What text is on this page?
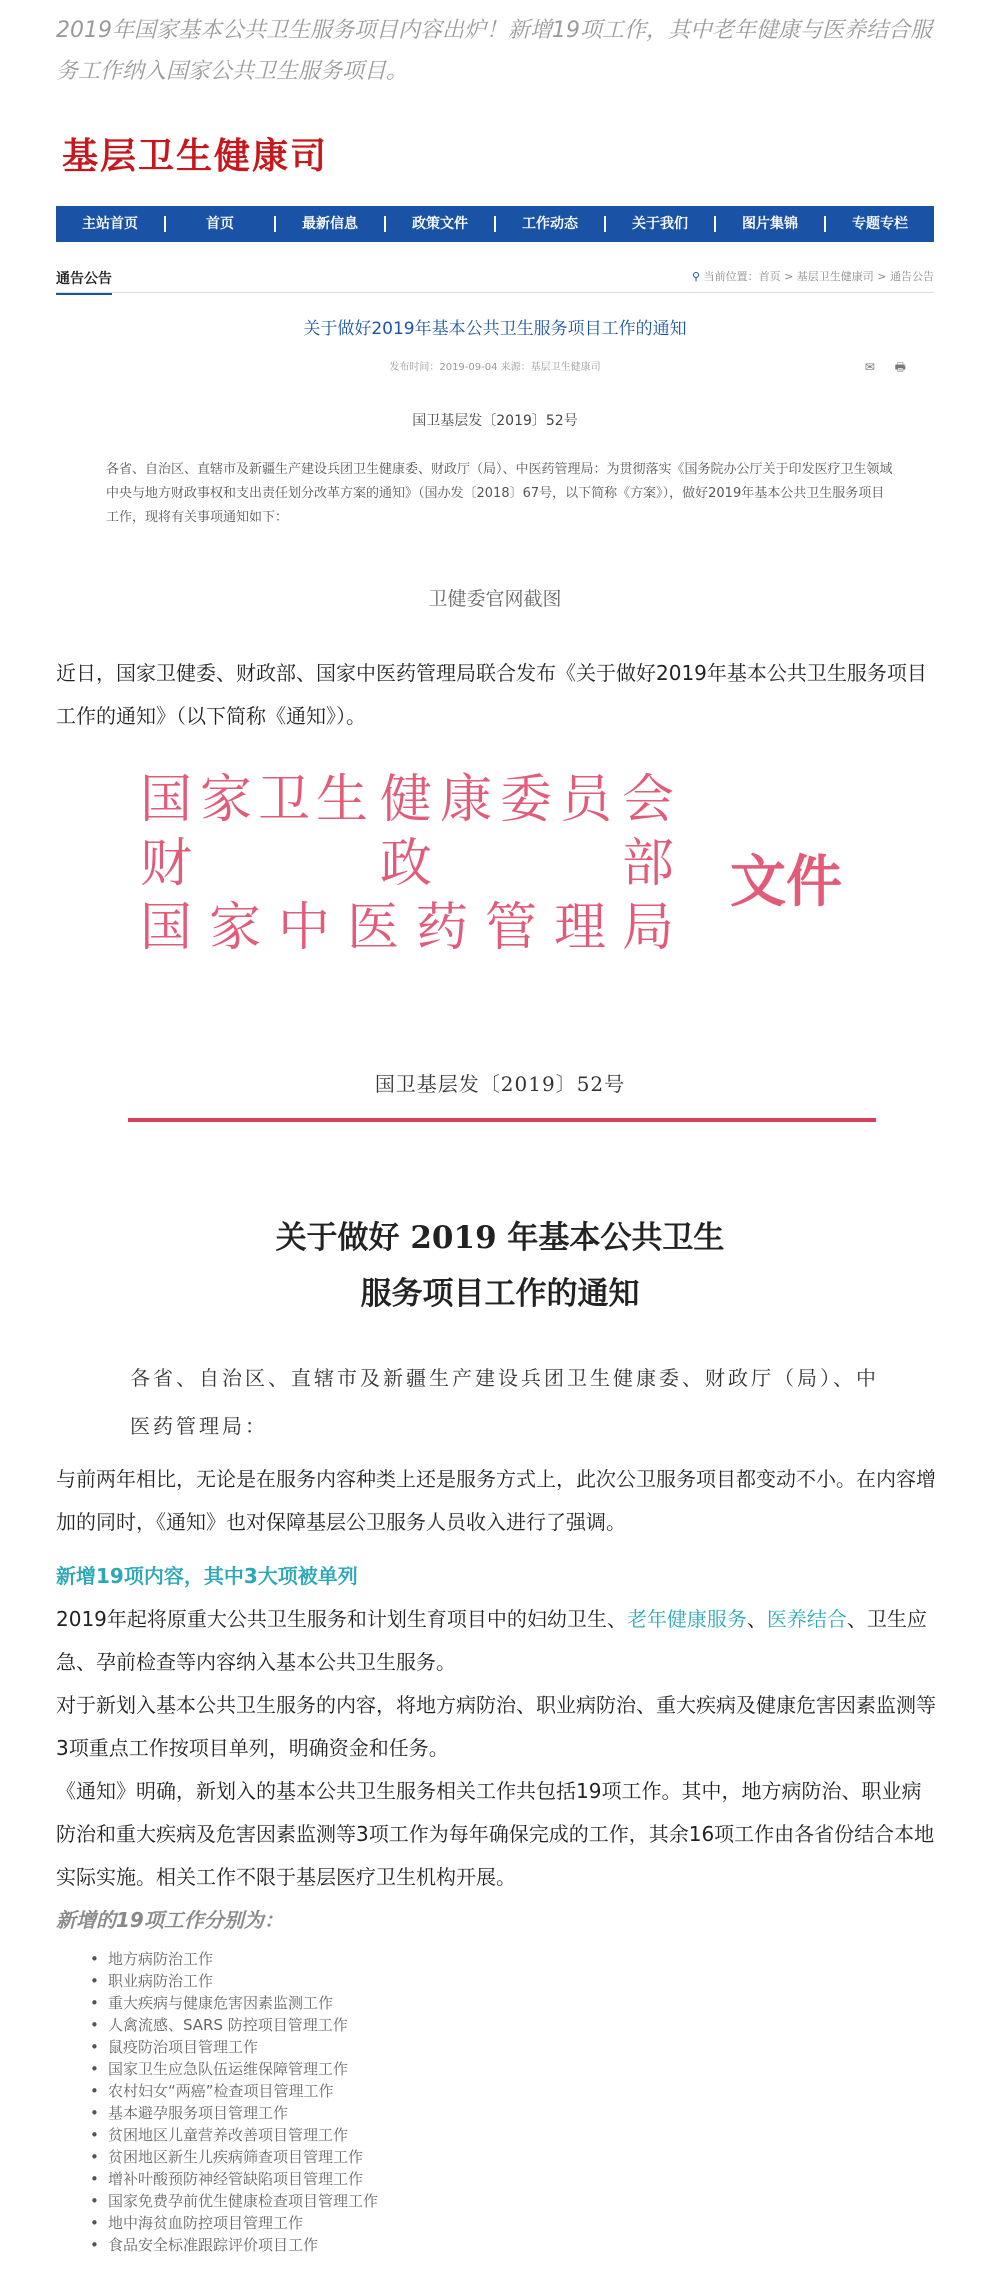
2019年国家基本公共卫生服务项目内容出炉！新增19项工作，其中老年健康与医养结合服务工作纳入国家公共卫生服务项目。
基层卫生健康司
主站首页	首页	最新信息	政策文件	工作动态	关于我们	图片集锦	专题专栏
通告公告	⚲ 当前位置：首页 > 基层卫生健康司 > 通告公告
关于做好2019年基本公共卫生服务项目工作的通知
发布时间：2019-09-04 来源：基层卫生健康司	✉ 🖶
国卫基层发〔2019〕52号
各省、自治区、直辖市及新疆生产建设兵团卫生健康委、财政厅（局）、中医药管理局：为贯彻落实《国务院办公厅关于印发医疗卫生领域中央与地方财政事权和支出责任划分改革方案的通知》（国办发〔2018〕67号，以下简称《方案》），做好2019年基本公共卫生服务项目工作，现将有关事项通知如下：
卫健委官网截图
近日，国家卫健委、财政部、国家中医药管理局联合发布《关于做好2019年基本公共卫生服务项目工作的通知》（以下简称《通知》）。
国 家 卫 生 健 康 委 员 会
财	政	部
国 家 中 医 药 管 理 局
文件
国卫基层发〔2019〕52号
关于做好 2019 年基本公共卫生
服务项目工作的通知
各省、自治区、直辖市及新疆生产建设兵团卫生健康委、财政厅（局）、中医药管理局：
与前两年相比，无论是在服务内容种类上还是服务方式上，此次公卫服务项目都变动不小。在内容增加的同时，《通知》也对保障基层公卫服务人员收入进行了强调。
新增19项内容，其中3大项被单列
2019年起将原重大公共卫生服务和计划生育项目中的妇幼卫生、老年健康服务、医养结合、卫生应急、孕前检查等内容纳入基本公共卫生服务。
对于新划入基本公共卫生服务的内容，将地方病防治、职业病防治、重大疾病及健康危害因素监测等3项重点工作按项目单列，明确资金和任务。
《通知》明确，新划入的基本公共卫生服务相关工作共包括19项工作。其中，地方病防治、职业病防治和重大疾病及危害因素监测等3项工作为每年确保完成的工作，其余16项工作由各省份结合本地实际实施。相关工作不限于基层医疗卫生机构开展。
新增的19项工作分别为：
• 地方病防治工作
• 职业病防治工作
• 重大疾病与健康危害因素监测工作
• 人禽流感、SARS 防控项目管理工作
• 鼠疫防治项目管理工作
• 国家卫生应急队伍运维保障管理工作
• 农村妇女“两癌”检查项目管理工作
• 基本避孕服务项目管理工作
• 贫困地区儿童营养改善项目管理工作
• 贫困地区新生儿疾病筛查项目管理工作
• 增补叶酸预防神经管缺陷项目管理工作
• 国家免费孕前优生健康检查项目管理工作
• 地中海贫血防控项目管理工作
• 食品安全标准跟踪评价项目工作
